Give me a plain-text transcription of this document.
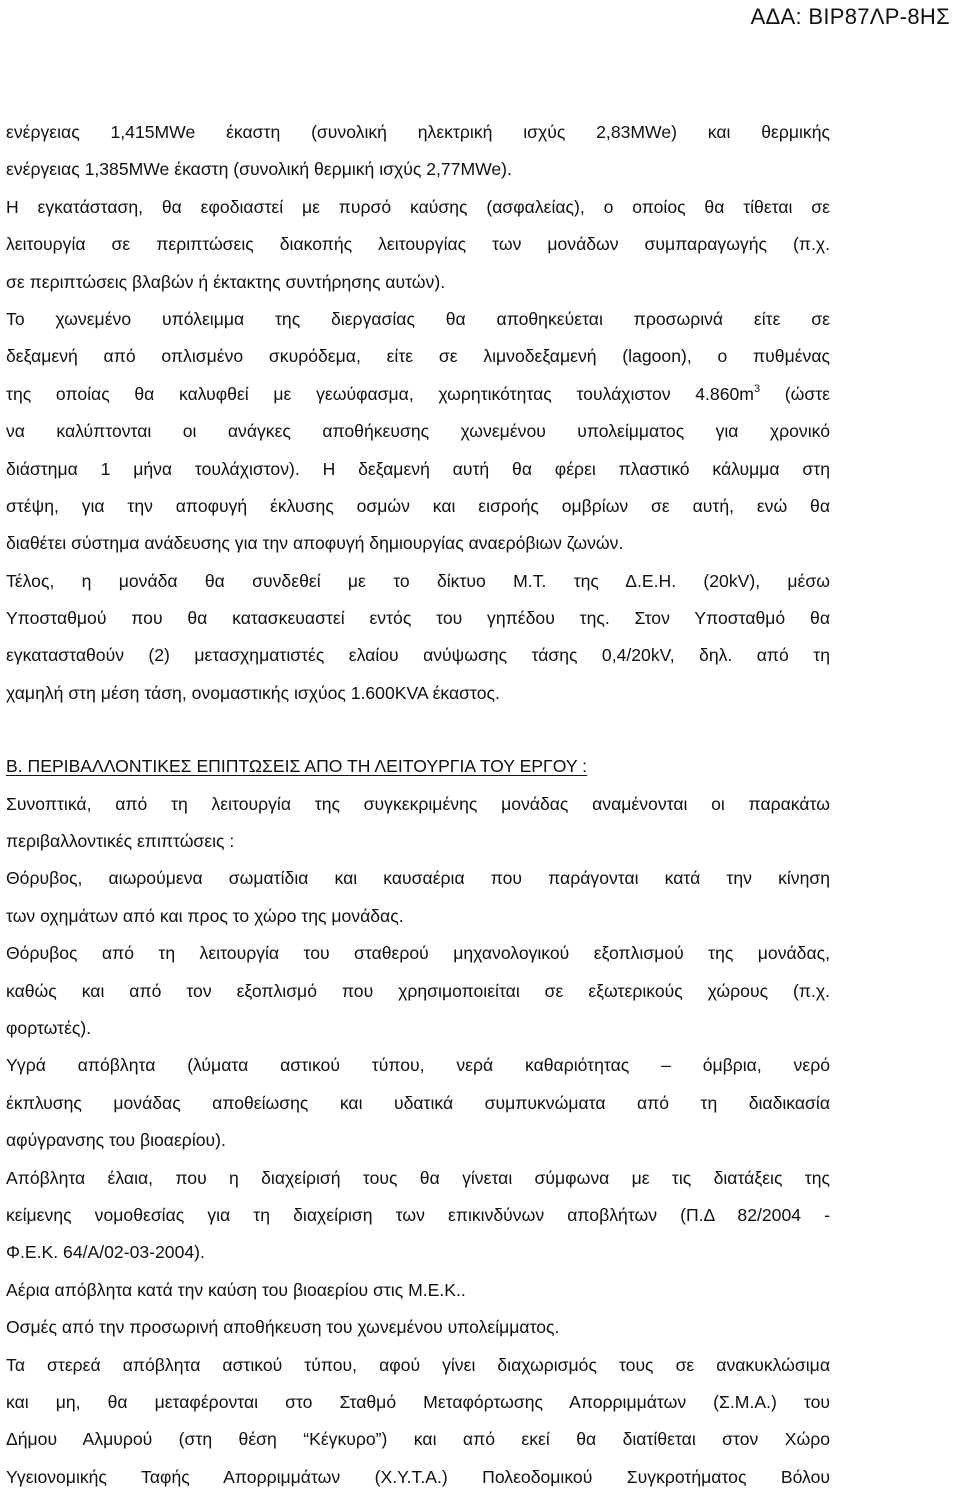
ΑΔΑ: ΒΙΡ87ΛΡ-8ΗΣ
ενέργειας 1,415MWe έκαστη (συνολική ηλεκτρική ισχύς 2,83MWe) και θερμικής
ενέργειας 1,385MWe έκαστη (συνολική θερμική ισχύς 2,77MWe).
Η εγκατάσταση, θα εφοδιαστεί με πυρσό καύσης (ασφαλείας), ο οποίος θα τίθεται σε
λειτουργία σε περιπτώσεις διακοπής λειτουργίας των μονάδων συμπαραγωγής (π.χ.
σε περιπτώσεις βλαβών ή έκτακτης συντήρησης αυτών).
Το χωνεμένο υπόλειμμα της διεργασίας θα αποθηκεύεται προσωρινά είτε σε
δεξαμενή από οπλισμένο σκυρόδεμα, είτε σε λιμνοδεξαμενή (lagoon), ο πυθμένας
της οποίας θα καλυφθεί με γεωύφασμα, χωρητικότητας τουλάχιστον $4.860m^3$ (ώστε
να καλύπτονται οι ανάγκες αποθήκευσης χωνεμένου υπολείμματος για χρονικό
διάστημα 1 μήνα τουλάχιστον). Η δεξαμενή αυτή θα φέρει πλαστικό κάλυμμα στη
στέψη, για την αποφυγή έκλυσης οσμών και εισροής ομβρίων σε αυτή, ενώ θα
διαθέτει σύστημα ανάδευσης για την αποφυγή δημιουργίας αναερόβιων ζωνών.
Τέλος, η μονάδα θα συνδεθεί με το δίκτυο Μ.Τ. της Δ.Ε.Η. (20kV), μέσω
Υποσταθμού που θα κατασκευαστεί εντός του γηπέδου της. Στον Υποσταθμό θα
εγκατασταθούν (2) μετασχηματιστές ελαίου ανύψωσης τάσης 0,4/20kV, δηλ. από τη
χαμηλή στη μέση τάση, ονομαστικής ισχύος 1.600KVA έκαστος.
Β. ΠΕΡΙΒΑΛΛΟΝΤΙΚΕΣ ΕΠΙΠΤΩΣΕΙΣ ΑΠΟ ΤΗ ΛΕΙΤΟΥΡΓΙΑ ΤΟΥ ΕΡΓΟΥ :
Συνοπτικά, από τη λειτουργία της συγκεκριμένης μονάδας αναμένονται οι παρακάτω
περιβαλλοντικές επιπτώσεις :
Θόρυβος, αιωρούμενα σωματίδια και καυσαέρια που παράγονται κατά την κίνηση
των οχημάτων από και προς το χώρο της μονάδας.
Θόρυβος από τη λειτουργία του σταθερού μηχανολογικού εξοπλισμού της μονάδας,
καθώς και από τον εξοπλισμό που χρησιμοποιείται σε εξωτερικούς χώρους (π.χ.
φορτωτές).
Υγρά απόβλητα (λύματα αστικού τύπου, νερά καθαριότητας – όμβρια, νερό
έκπλυσης μονάδας αποθείωσης και υδατικά συμπυκνώματα από τη διαδικασία
αφύγρανσης του βιοαερίου).
Απόβλητα έλαια, που η διαχείρισή τους θα γίνεται σύμφωνα με τις διατάξεις της
κείμενης νομοθεσίας για τη διαχείριση των επικινδύνων αποβλήτων (Π.Δ 82/2004 -
Φ.Ε.Κ. 64/Α/02-03-2004).
Αέρια απόβλητα κατά την καύση του βιοαερίου στις Μ.Ε.Κ..
Οσμές από την προσωρινή αποθήκευση του χωνεμένου υπολείμματος.
Τα στερεά απόβλητα αστικού τύπου, αφού γίνει διαχωρισμός τους σε ανακυκλώσιμα
και μη, θα μεταφέρονται στο Σταθμό Μεταφόρτωσης Απορριμμάτων (Σ.Μ.Α.) του
Δήμου Αλμυρού (στη θέση “Κέγκυρο”) και από εκεί θα διατίθεται στον Χώρο
Υγειονομικής Ταφής Απορριμμάτων (Χ.Υ.Τ.Α.) Πολεοδομικού Συγκροτήματος Βόλου
